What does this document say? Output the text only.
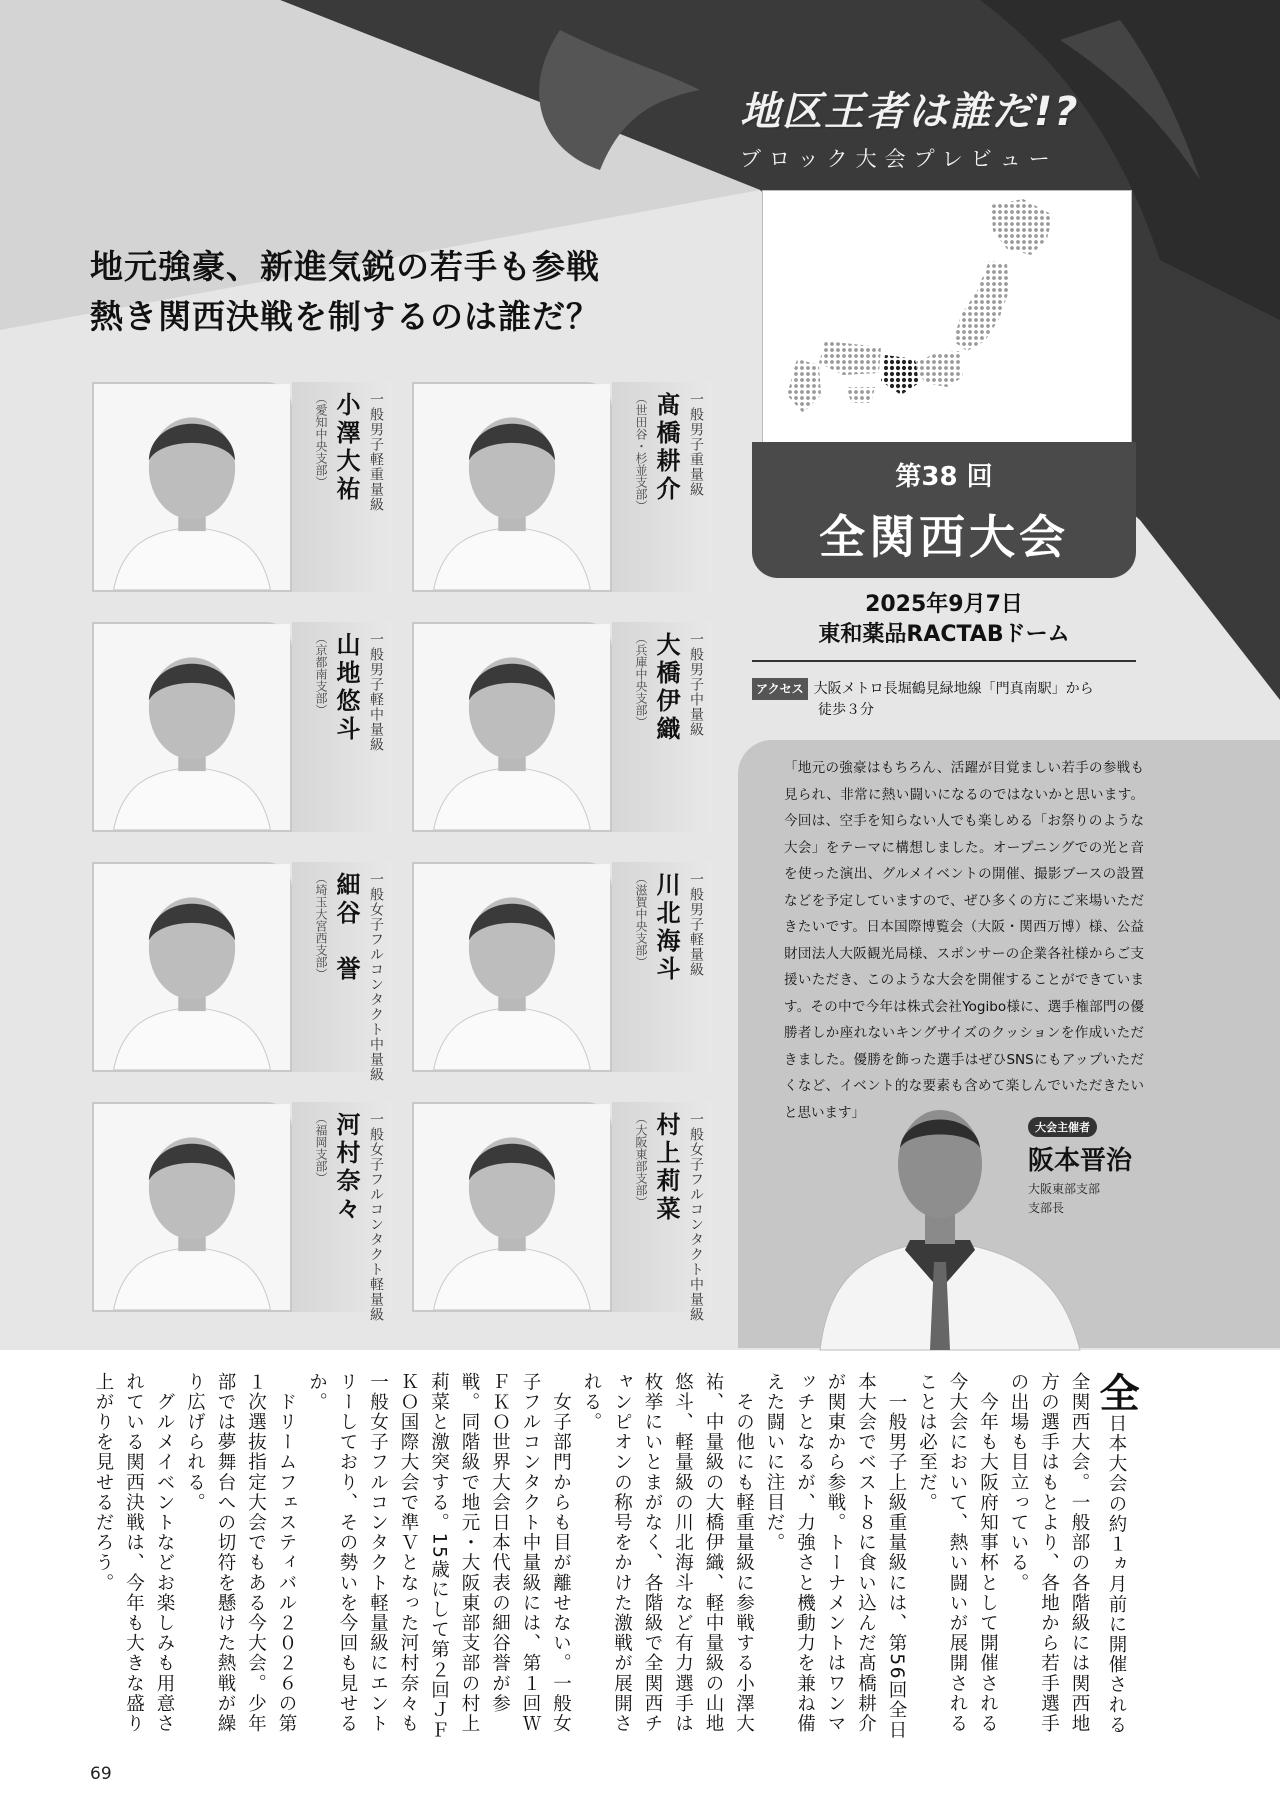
地区王者は誰だ!?
ブロック大会プレビュー
地元強豪、新進気鋭の若手も参戦
熱き関西決戦を制するのは誰だ？
一般男子軽重量級
小澤大祐
（愛知中央支部）	一般男子重量級
髙橋耕介
（世田谷・杉並支部）
一般男子軽中量級
山地悠斗
（京都南支部）	一般男子中量級
大橋伊織
（兵庫中央支部）
一般女子フルコンタクト中量級
細谷　誉
（埼玉大宮西支部）	一般男子軽量級
川北海斗
（滋賀中央支部）
一般女子フルコンタクト軽量級
河村奈々
（福岡支部）	一般女子フルコンタクト中量級
村上莉菜
（大阪東部支部）
第38 回
全関西大会
2025年9月7日
東和薬品RACTABドーム
アクセス 大阪メトロ長堀鶴見緑地線「門真南駅」から
徒歩３分
「地元の強豪はもちろん、活躍が目覚ましい若手の参戦も見られ、非常に熱い闘いになるのではないかと思います。今回は、空手を知らない人でも楽しめる「お祭りのような大会」をテーマに構想しました。オープニングでの光と音を使った演出、グルメイベントの開催、撮影ブースの設置などを予定していますので、ぜひ多くの方にご来場いただきたいです。日本国際博覧会（大阪・関西万博）様、公益財団法人大阪観光局様、スポンサーの企業各社様からご支援いただき、このような大会を開催することができています。その中で今年は株式会社Yogibo様に、選手権部門の優勝者しか座れないキングサイズのクッションを作成いただきました。優勝を飾った選手はぜひSNSにもアップいただくなど、イベント的な要素も含めて楽しんでいただきたいと思います」
大会主催者
阪本晋治
大阪東部支部
支部長

全日本大会の約１ヵ月前に開催される全関西大会。一般部の各階級には関西地方の選手はもとより、各地から若手選手の出場も目立っている。

　今年も大阪府知事杯として開催される今大会において、熱い闘いが展開されることは必至だ。

　一般男子上級重量級には、第56回全日本大会でベスト８に食い込んだ髙橋耕介が関東から参戦。トーナメントはワンマッチとなるが、力強さと機動力を兼ね備えた闘いに注目だ。

　その他にも軽重量級に参戦する小澤大祐、中量級の大橋伊織、軽中量級の山地悠斗、軽量級の川北海斗など有力選手は枚挙にいとまがなく、各階級で全関西チャンピオンの称号をかけた激戦が展開される。

　女子部門からも目が離せない。一般女子フルコンタクト中量級には、第１回ＷＦＫＯ世界大会日本代表の細谷誉が参戦。同階級で地元・大阪東部支部の村上莉菜と激突する。15歳にして第２回ＪＦＫＯ国際大会で準Ｖとなった河村奈々も一般女子フルコンタクト軽量級にエントリーしており、その勢いを今回も見せるか。

　ドリームフェスティバル２０２６の第１次選抜指定大会でもある今大会。少年部では夢舞台への切符を懸けた熱戦が繰り広げられる。

　グルメイベントなどお楽しみも用意されている関西決戦は、今年も大きな盛り上がりを見せるだろう。

69
